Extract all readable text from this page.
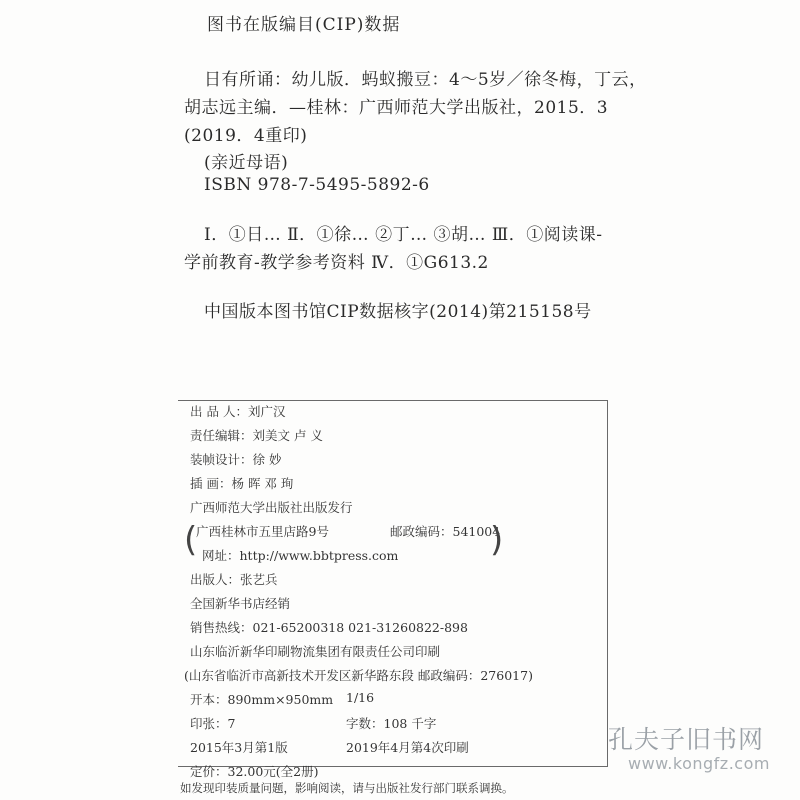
图书在版编目(CIP)数据
日有所诵：幼儿版．蚂蚁搬豆：4～5岁／徐冬梅，丁云，
胡志远主编．—桂林：广西师范大学出版社，2015．3
(2019．4重印)
(亲近母语)
ISBN 978-7-5495-5892-6
Ⅰ．①日… Ⅱ．①徐… ②丁… ③胡… Ⅲ．①阅读课-
学前教育-教学参考资料 Ⅳ．①G613.2
中国版本图书馆CIP数据核字(2014)第215158号
出 品 人：刘广汉
责任编辑：刘美文 卢 义
装帧设计：徐 妙
插 画：杨 晖 邓 珣
广西师范大学出版社出版发行
(
广西桂林市五里店路9号	邮政编码：541004
网址：http://www.bbtpress.com	)
出版人：张艺兵
全国新华书店经销
销售热线：021-65200318 021-31260822-898
山东临沂新华印刷物流集团有限责任公司印刷
(山东省临沂市高新技术开发区新华路东段 邮政编码：276017)
开本：890mm×950mm 1/16
印张：7	字数：108 千字
2015年3月第1版	2019年4月第4次印刷
定价：32.00元(全2册)
如发现印装质量问题，影响阅读，请与出版社发行部门联系调换。
孔夫子旧书网
www.kongfz.com
